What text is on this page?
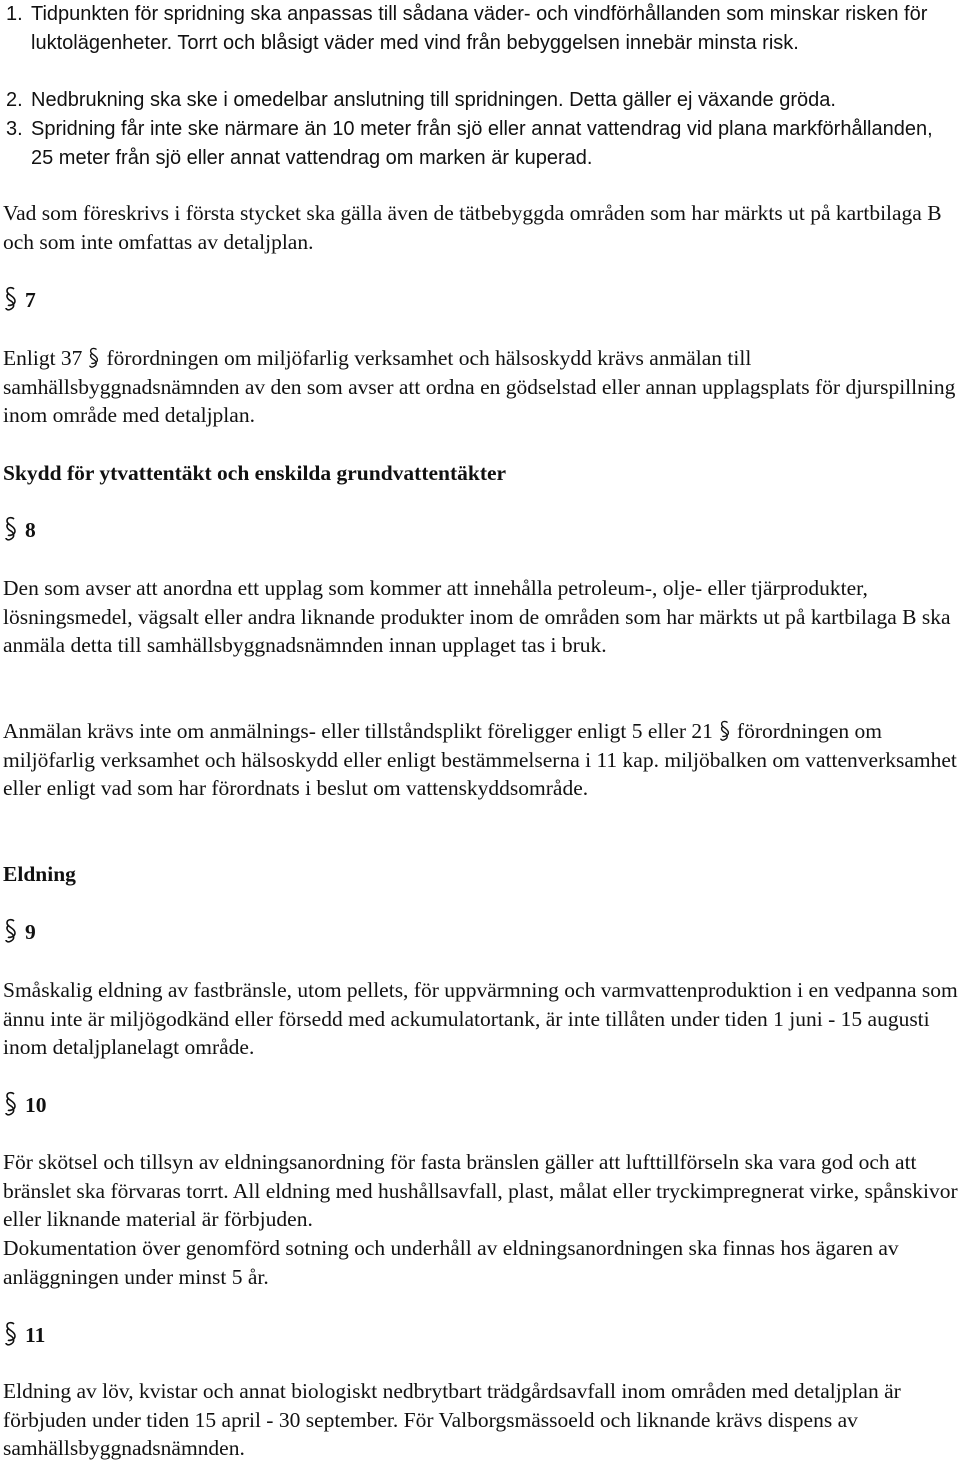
1. Tidpunkten för spridning ska anpassas till sådana väder- och vindförhållanden som minskar risken för luktolägenheter. Torrt och blåsigt väder med vind från bebyggelsen innebär minsta risk.
2. Nedbrukning ska ske i omedelbar anslutning till spridningen. Detta gäller ej växande gröda.
3. Spridning får inte ske närmare än 10 meter från sjö eller annat vattendrag vid plana markförhållanden, 25 meter från sjö eller annat vattendrag om marken är kuperad.
Vad som föreskrivs i första stycket ska gälla även de tätbebyggda områden som har märkts ut på kartbilaga B och som inte omfattas av detaljplan.
7
Enligt 37 förordningen om miljöfarlig verksamhet och hälsoskydd krävs anmälan till samhällsbyggnadsnämnden av den som avser att ordna en gödselstad eller annan upplagsplats för djurspillning inom område med detaljplan.
Skydd för ytvattentäkt och enskilda grundvattentäkter
8
Den som avser att anordna ett upplag som kommer att innehålla petroleum-, olje- eller tjärprodukter, lösningsmedel, vägsalt eller andra liknande produkter inom de områden som har märkts ut på kartbilaga B ska anmäla detta till samhällsbyggnadsnämnden innan upplaget tas i bruk.
Anmälan krävs inte om anmälnings- eller tillståndsplikt föreligger enligt 5 eller 21 förordningen om miljöfarlig verksamhet och hälsoskydd eller enligt bestämmelserna i 11 kap. miljöbalken om vattenverksamhet eller enligt vad som har förordnats i beslut om vattenskyddsområde.
Eldning
9
Småskalig eldning av fastbränsle, utom pellets, för uppvärmning och varmvattenproduktion i en vedpanna som ännu inte är miljögodkänd eller försedd med ackumulatortank, är inte tillåten under tiden 1 juni - 15 augusti inom detaljplanelagt område.
10
För skötsel och tillsyn av eldningsanordning för fasta bränslen gäller att lufttillförseln ska vara god och att bränslet ska förvaras torrt. All eldning med hushållsavfall, plast, målat eller tryckimpregnerat virke, spånskivor eller liknande material är förbjuden.
Dokumentation över genomförd sotning och underhåll av eldningsanordningen ska finnas hos ägaren av anläggningen under minst 5 år.
11
Eldning av löv, kvistar och annat biologiskt nedbrytbart trädgårdsavfall inom områden med detaljplan är förbjuden under tiden 15 april - 30 september. För Valborgsmässoeld och liknande krävs dispens av samhällsbyggnadsnämnden.
